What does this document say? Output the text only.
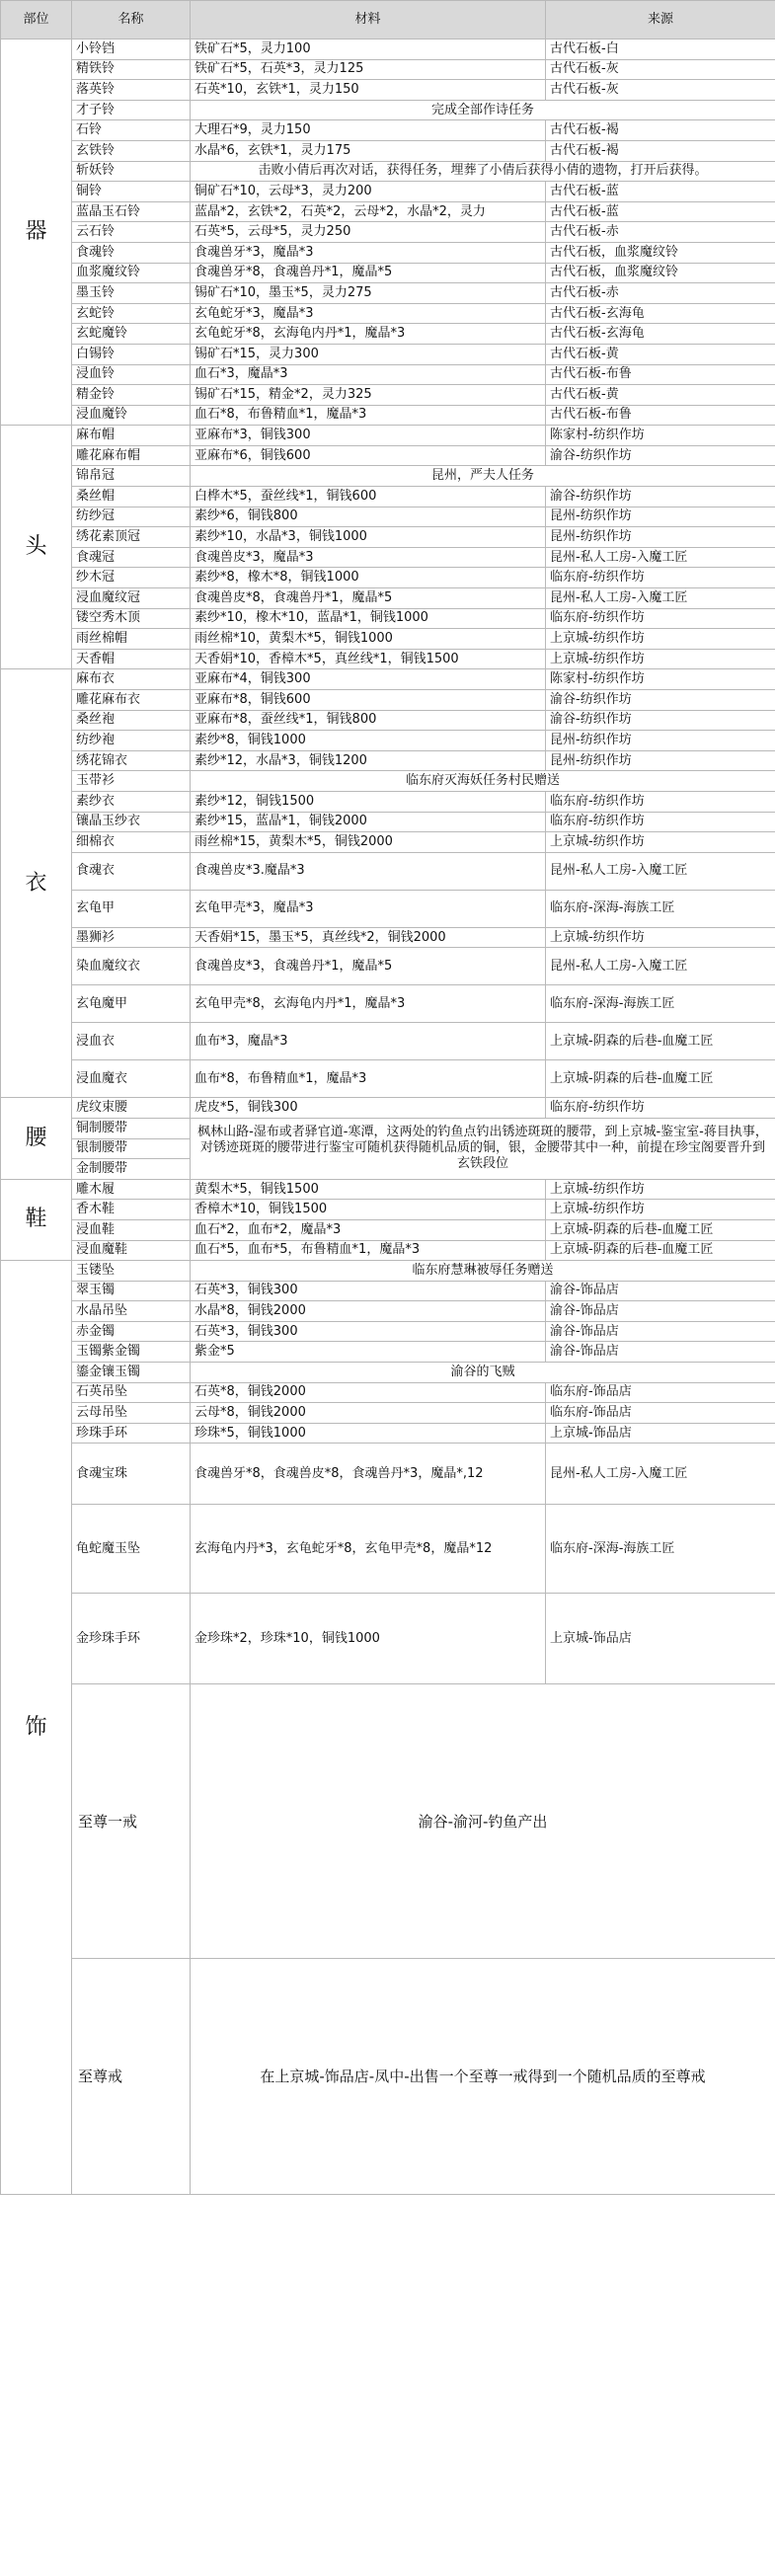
部位	名称	材料	来源
器	小铃铛	铁矿石*5，灵力100	古代石板-白
	精铁铃	铁矿石*5，石英*3，灵力125	古代石板-灰
	落英铃	石英*10，玄铁*1，灵力150	古代石板-灰
	才子铃	完成全部作诗任务	
	石铃	大理石*9，灵力150	古代石板-褐
	玄铁铃	水晶*6，玄铁*1，灵力175	古代石板-褐
	斩妖铃	击败小倩后再次对话，获得任务，埋葬了小倩后获得小倩的遗物，打开后获得。	
	铜铃	铜矿石*10，云母*3，灵力200	古代石板-蓝
	蓝晶玉石铃	蓝晶*2，玄铁*2，石英*2，云母*2，水晶*2，灵力	古代石板-蓝
	云石铃	石英*5，云母*5，灵力250	古代石板-赤
	食魂铃	食魂兽牙*3，魔晶*3	古代石板，血浆魔纹铃
	血浆魔纹铃	食魂兽牙*8，食魂兽丹*1，魔晶*5	古代石板，血浆魔纹铃
	墨玉铃	锡矿石*10，墨玉*5，灵力275	古代石板-赤
	玄蛇铃	玄龟蛇牙*3，魔晶*3	古代石板-玄海龟
	玄蛇魔铃	玄龟蛇牙*8，玄海龟内丹*1，魔晶*3	古代石板-玄海龟
	白锡铃	锡矿石*15，灵力300	古代石板-黄
	浸血铃	血石*3，魔晶*3	古代石板-布鲁
	精金铃	锡矿石*15，精金*2，灵力325	古代石板-黄
	浸血魔铃	血石*8，布鲁精血*1，魔晶*3	古代石板-布鲁
头	麻布帽	亚麻布*3，铜钱300	陈家村-纺织作坊
	雕花麻布帽	亚麻布*6，铜钱600	渝谷-纺织作坊
	锦帛冠	昆州，严夫人任务	
	桑丝帽	白桦木*5，蚕丝线*1，铜钱600	渝谷-纺织作坊
	纺纱冠	素纱*6，铜钱800	昆州-纺织作坊
	绣花素顶冠	素纱*10，水晶*3，铜钱1000	昆州-纺织作坊
	食魂冠	食魂兽皮*3，魔晶*3	昆州-私人工房-入魔工匠
	纱木冠	素纱*8，橡木*8，铜钱1000	临东府-纺织作坊
	浸血魔纹冠	食魂兽皮*8，食魂兽丹*1，魔晶*5	昆州-私人工房-入魔工匠
	镂空秀木顶	素纱*10，橡木*10，蓝晶*1，铜钱1000	临东府-纺织作坊
	雨丝棉帽	雨丝棉*10，黄梨木*5，铜钱1000	上京城-纺织作坊
	天香帽	天香娟*10，香樟木*5，真丝线*1，铜钱1500	上京城-纺织作坊
衣	麻布衣	亚麻布*4，铜钱300	陈家村-纺织作坊
	雕花麻布衣	亚麻布*8，铜钱600	渝谷-纺织作坊
	桑丝袍	亚麻布*8，蚕丝线*1，铜钱800	渝谷-纺织作坊
	纺纱袍	素纱*8，铜钱1000	昆州-纺织作坊
	绣花锦衣	素纱*12，水晶*3，铜钱1200	昆州-纺织作坊
	玉带衫	临东府灭海妖任务村民赠送	
	素纱衣	素纱*12，铜钱1500	临东府-纺织作坊
	镶晶玉纱衣	素纱*15，蓝晶*1，铜钱2000	临东府-纺织作坊
	细棉衣	雨丝棉*15，黄梨木*5，铜钱2000	上京城-纺织作坊
	食魂衣	食魂兽皮*3.魔晶*3	昆州-私人工房-入魔工匠
	玄龟甲	玄龟甲壳*3，魔晶*3	临东府-深海-海族工匠
	墨狮衫	天香娟*15，墨玉*5，真丝线*2，铜钱2000	上京城-纺织作坊
	染血魔纹衣	食魂兽皮*3，食魂兽丹*1，魔晶*5	昆州-私人工房-入魔工匠
	玄龟魔甲	玄龟甲壳*8，玄海龟内丹*1，魔晶*3	临东府-深海-海族工匠
	浸血衣	血布*3，魔晶*3	上京城-阴森的后巷-血魔工匠
	浸血魔衣	血布*8，布鲁精血*1，魔晶*3	上京城-阴森的后巷-血魔工匠
腰	虎纹束腰	虎皮*5，铜钱300	临东府-纺织作坊
	铜制腰带	枫林山路-湿布或者驿官道-寒潭，这两处的钓鱼点钓出锈迹斑斑的腰带，到上京城-鉴宝室-蒋目执事，对锈迹斑斑的腰带进行鉴宝可随机获得随机品质的铜，银，金腰带其中一种，前提在珍宝阁要晋升到玄铁段位	
	银制腰带		
	金制腰带		
鞋	雕木履	黄梨木*5，铜钱1500	上京城-纺织作坊
	香木鞋	香樟木*10，铜钱1500	上京城-纺织作坊
	浸血鞋	血石*2，血布*2，魔晶*3	上京城-阴森的后巷-血魔工匠
	浸血魔鞋	血石*5，血布*5，布鲁精血*1，魔晶*3	上京城-阴森的后巷-血魔工匠
饰	玉镂坠	临东府慧琳被辱任务赠送	
	翠玉镯	石英*3，铜钱300	渝谷-饰品店
	水晶吊坠	水晶*8，铜钱2000	渝谷-饰品店
	赤金镯	石英*3，铜钱300	渝谷-饰品店
	玉镯紫金镯	紫金*5	渝谷-饰品店
	鎏金镶玉镯	渝谷的飞贼	
	石英吊坠	石英*8，铜钱2000	临东府-饰品店
	云母吊坠	云母*8，铜钱2000	临东府-饰品店
	珍珠手环	珍珠*5，铜钱1000	上京城-饰品店
	食魂宝珠	食魂兽牙*8，食魂兽皮*8，食魂兽丹*3，魔晶*,12	昆州-私人工房-入魔工匠
	龟蛇魔玉坠	玄海龟内丹*3，玄龟蛇牙*8，玄龟甲壳*8，魔晶*12	临东府-深海-海族工匠
	金珍珠手环	金珍珠*2，珍珠*10，铜钱1000	上京城-饰品店
	至尊一戒	渝谷-渝河-钓鱼产出	
	至尊戒	在上京城-饰品店-凤中-出售一个至尊一戒得到一个随机品质的至尊戒	
